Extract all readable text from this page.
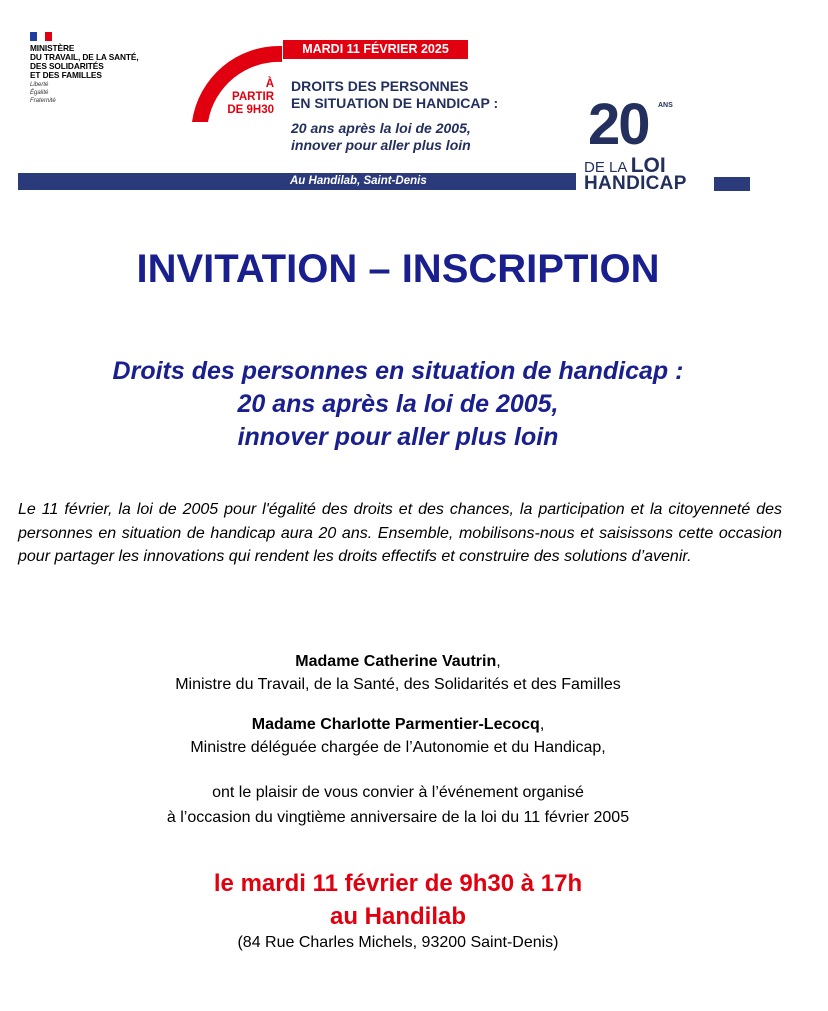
MINISTÈRE
DU TRAVAIL, DE LA SANTÉ,
DES SOLIDARITÉS
ET DES FAMILLES
Liberté
Égalité
Fraternité
MARDI 11 FÉVRIER 2025
À
PARTIR
DE 9H30
DROITS DES PERSONNES
EN SITUATION DE HANDICAP :
20 ans après la loi de 2005,
innover pour aller plus loin
Au Handilab, Saint-Denis
20 ANS
DE LA LOI
HANDICAP
INVITATION – INSCRIPTION
Droits des personnes en situation de handicap :
20 ans après la loi de 2005,
innover pour aller plus loin
Le 11 février, la loi de 2005 pour l'égalité des droits et des chances, la participation et la citoyenneté des personnes en situation de handicap aura 20 ans. Ensemble, mobilisons-nous et saisissons cette occasion pour partager les innovations qui rendent les droits effectifs et construire des solutions d’avenir.
Madame Catherine Vautrin,
Ministre du Travail, de la Santé, des Solidarités et des Familles
Madame Charlotte Parmentier-Lecocq,
Ministre déléguée chargée de l’Autonomie et du Handicap,
ont le plaisir de vous convier à l’événement organisé
à l’occasion du vingtième anniversaire de la loi du 11 février 2005
le mardi 11 février de 9h30 à 17h
au Handilab
(84 Rue Charles Michels, 93200 Saint-Denis)
